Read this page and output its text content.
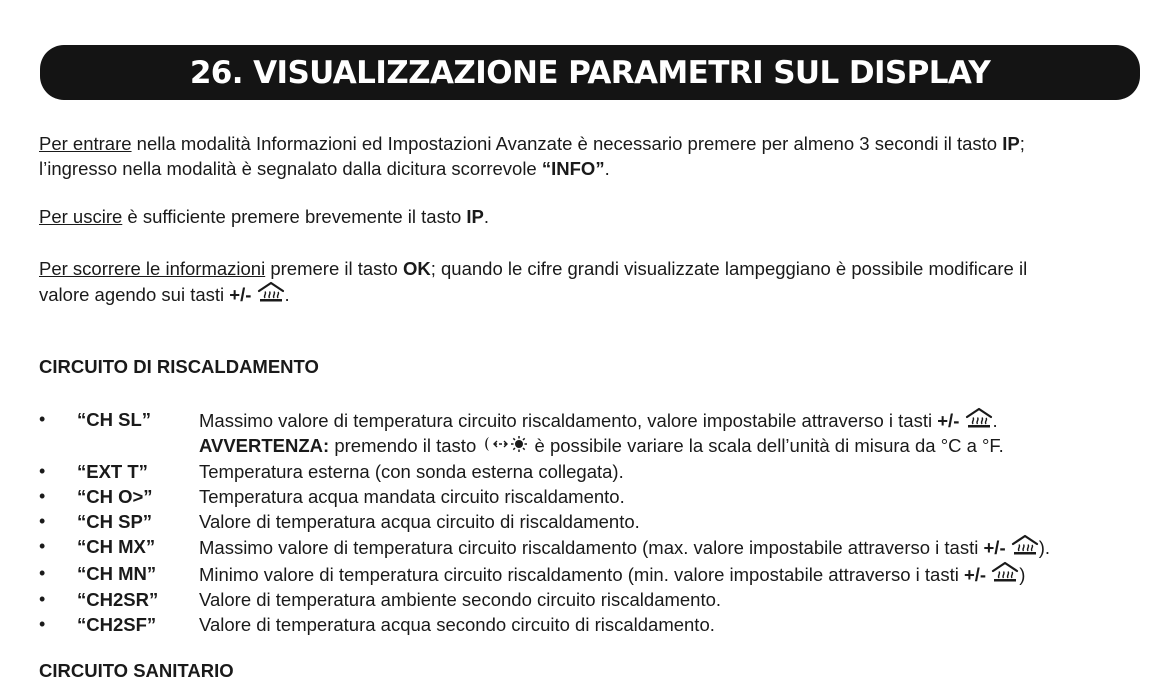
26. VISUALIZZAZIONE PARAMETRI SUL DISPLAY

Per entrare nella modalità Informazioni ed Impostazioni Avanzate è necessario premere per almeno 3 secondi il tasto IP;
l’ingresso nella modalità è segnalato dalla dicitura scorrevole “INFO”.

Per uscire è sufficiente premere brevemente il tasto IP.

Per scorrere le informazioni premere il tasto OK; quando le cifre grandi visualizzate lampeggiano è possibile modificare il
valore agendo sui tasti +/- .

CIRCUITO DI RISCALDAMENTO

• “CH SL”	Massimo valore di temperatura circuito riscaldamento, valore impostabile attraverso i tasti +/- .
AVVERTENZA: premendo il tasto	è possibile variare la scala dell’unità di misura da °C a °F.
• “EXT T”	Temperatura esterna (con sonda esterna collegata).
• “CH O>”	Temperatura acqua mandata circuito riscaldamento.
• “CH SP”	Valore di temperatura acqua circuito di riscaldamento.
• “CH MX” Massimo valore di temperatura circuito riscaldamento (max. valore impostabile attraverso i tasti +/- ).
• “CH MN” Minimo valore di temperatura circuito riscaldamento (min. valore impostabile attraverso i tasti +/- )
• “CH2SR” Valore di temperatura ambiente secondo circuito riscaldamento.
• “CH2SF” Valore di temperatura acqua secondo circuito di riscaldamento.

CIRCUITO SANITARIO
